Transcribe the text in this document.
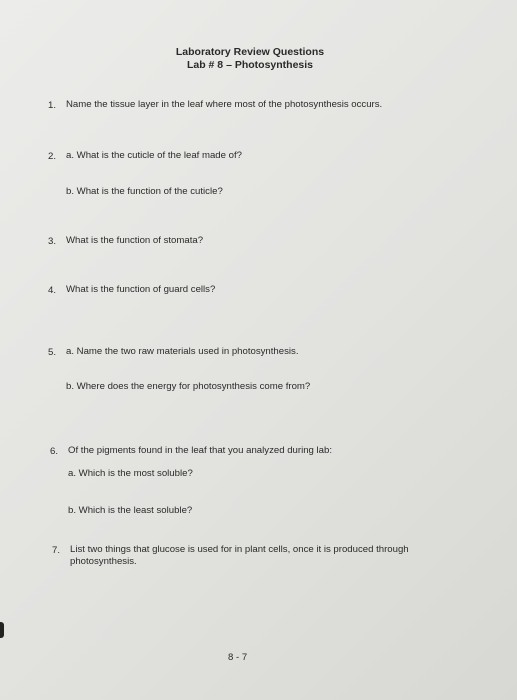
Laboratory Review Questions
Lab # 8 – Photosynthesis
1. Name the tissue layer in the leaf where most of the photosynthesis occurs.
2. a. What is the cuticle of the leaf made of?
b. What is the function of the cuticle?
3. What is the function of stomata?
4. What is the function of guard cells?
5. a. Name the two raw materials used in photosynthesis.
b. Where does the energy for photosynthesis come from?
6. Of the pigments found in the leaf that you analyzed during lab:
a. Which is the most soluble?
b. Which is the least soluble?
7. List two things that glucose is used for in plant cells, once it is produced through
photosynthesis.
8 - 7
